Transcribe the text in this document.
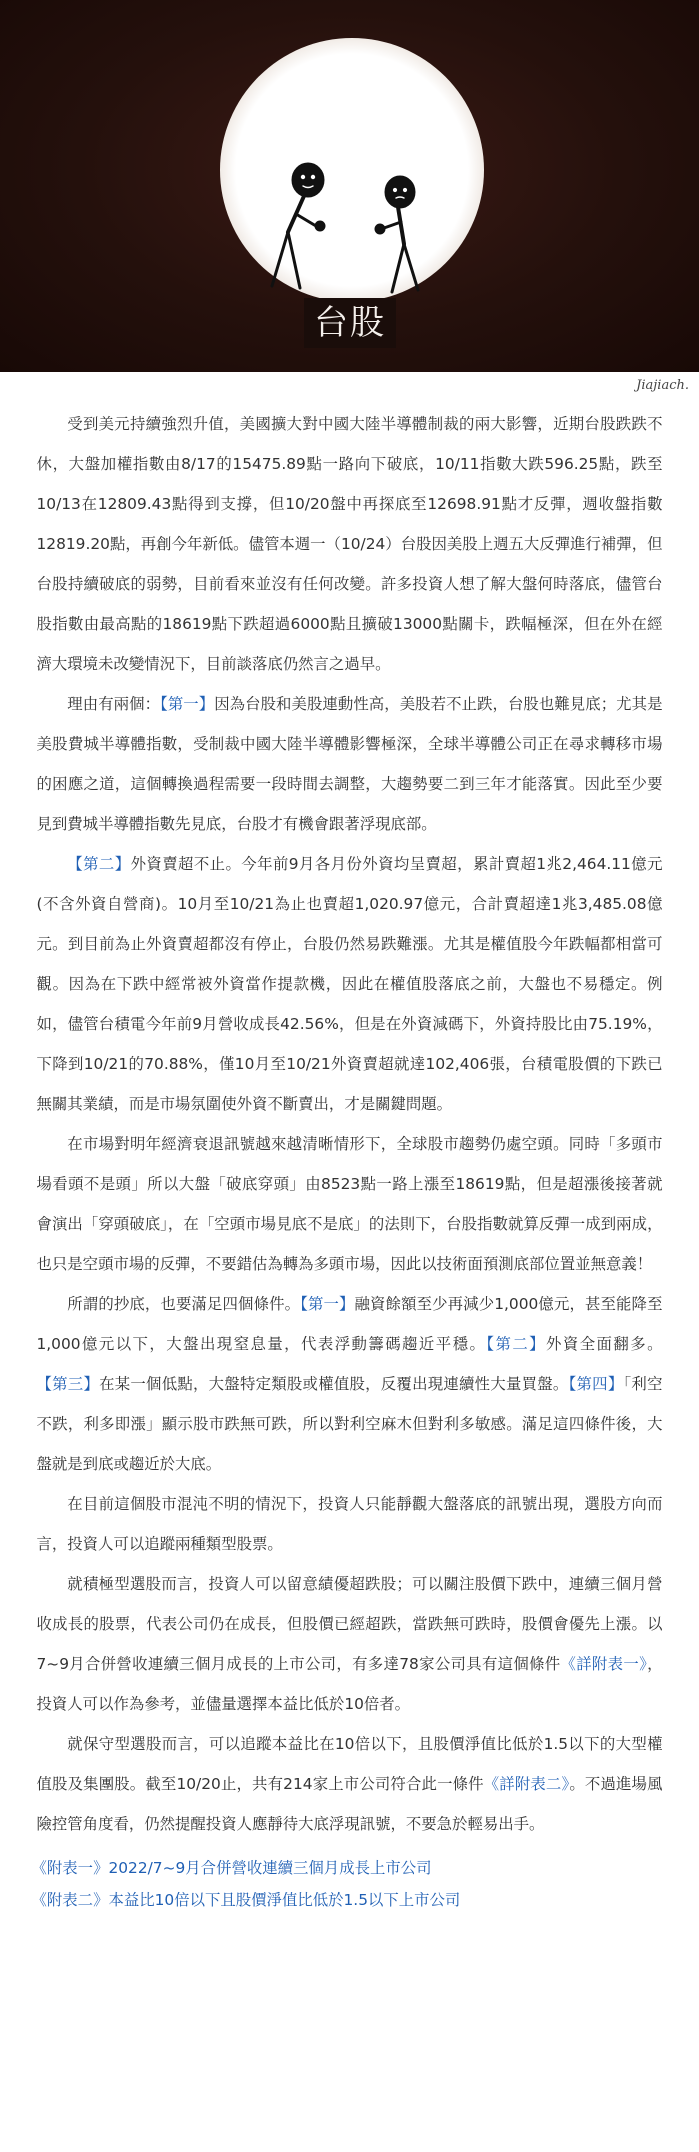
台股
Jiajiach.

受到美元持續強烈升值，美國擴大對中國大陸半導體制裁的兩大影響，近期台股跌跌不休，大盤加權指數由8/17的15475.89點一路向下破底，10/11指數大跌596.25點，跌至10/13在12809.43點得到支撐，但10/20盤中再探底至12698.91點才反彈，週收盤指數12819.20點，再創今年新低。儘管本週一（10/24）台股因美股上週五大反彈進行補彈，但台股持續破底的弱勢，目前看來並沒有任何改變。許多投資人想了解大盤何時落底，儘管台股指數由最高點的18619點下跌超過6000點且擴破13000點關卡，跌幅極深，但在外在經濟大環境未改變情況下，目前談落底仍然言之過早。

理由有兩個：【第一】因為台股和美股連動性高，美股若不止跌，台股也難見底；尤其是美股費城半導體指數，受制裁中國大陸半導體影響極深，全球半導體公司正在尋求轉移市場的困應之道，這個轉換過程需要一段時間去調整，大趨勢要二到三年才能落實。因此至少要見到費城半導體指數先見底，台股才有機會跟著浮現底部。

【第二】外資賣超不止。今年前9月各月份外資均呈賣超，累計賣超1兆2,464.11億元(不含外資自營商)。10月至10/21為止也賣超1,020.97億元，合計賣超達1兆3,485.08億元。到目前為止外資賣超都沒有停止，台股仍然易跌難漲。尤其是權值股今年跌幅都相當可觀。因為在下跌中經常被外資當作提款機，因此在權值股落底之前，大盤也不易穩定。例如，儘管台積電今年前9月營收成長42.56%，但是在外資減碼下，外資持股比由75.19%，下降到10/21的70.88%，僅10月至10/21外資賣超就達102,406張，台積電股價的下跌已無關其業績，而是市場氛圍使外資不斷賣出，才是關鍵問題。

在市場對明年經濟衰退訊號越來越清晰情形下，全球股市趨勢仍處空頭。同時「多頭市場看頭不是頭」所以大盤「破底穿頭」由8523點一路上漲至18619點，但是超漲後接著就會演出「穿頭破底」，在「空頭市場見底不是底」的法則下，台股指數就算反彈一成到兩成，也只是空頭市場的反彈，不要錯估為轉為多頭市場，因此以技術面預測底部位置並無意義！

所謂的抄底，也要滿足四個條件。【第一】融資餘額至少再減少1,000億元，甚至能降至1,000億元以下，大盤出現窒息量，代表浮動籌碼趨近平穩。【第二】外資全面翻多。【第三】在某一個低點，大盤特定類股或權值股，反覆出現連續性大量買盤。【第四】「利空不跌，利多即漲」顯示股市跌無可跌，所以對利空麻木但對利多敏感。滿足這四條件後，大盤就是到底或趨近於大底。

在目前這個股市混沌不明的情況下，投資人只能靜觀大盤落底的訊號出現，選股方向而言，投資人可以追蹤兩種類型股票。

就積極型選股而言，投資人可以留意績優超跌股；可以關注股價下跌中，連續三個月營收成長的股票，代表公司仍在成長，但股價已經超跌，當跌無可跌時，股價會優先上漲。以7~9月合併營收連續三個月成長的上市公司，有多達78家公司具有這個條件《詳附表一》，投資人可以作為參考，並儘量選擇本益比低於10倍者。

就保守型選股而言，可以追蹤本益比在10倍以下，且股價淨值比低於1.5以下的大型權值股及集團股。截至10/20止，共有214家上市公司符合此一條件《詳附表二》。不過進場風險控管角度看，仍然提醒投資人應靜待大底浮現訊號，不要急於輕易出手。

《附表一》2022/7~9月合併營收連續三個月成長上市公司
《附表二》本益比10倍以下且股價淨值比低於1.5以下上市公司
